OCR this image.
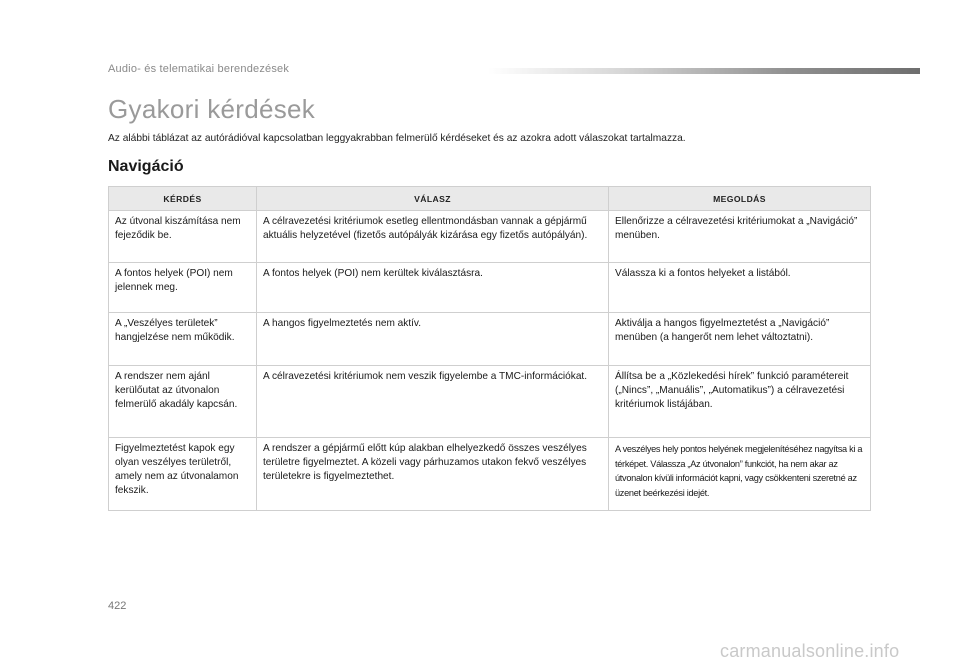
Audio- és telematikai berendezések
Gyakori kérdések
Az alábbi táblázat az autórádióval kapcsolatban leggyakrabban felmerülő kérdéseket és az azokra adott válaszokat tartalmazza.
Navigáció
KÉRDÉS	VÁLASZ	MEGOLDÁS
Az útvonal kiszámítása nem fejeződik be.	A célravezetési kritériumok esetleg ellentmondásban vannak a gépjármű aktuális helyzetével (fizetős autópályák kizárása egy fizetős autópályán).	Ellenőrizze a célravezetési kritériumokat a „Navigáció” menüben.
A fontos helyek (POI) nem jelennek meg.	A fontos helyek (POI) nem kerültek kiválasztásra.	Válassza ki a fontos helyeket a listából.
A „Veszélyes területek” hangjelzése nem működik.	A hangos figyelmeztetés nem aktív.	Aktiválja a hangos figyelmeztetést a „Navigáció” menüben (a hangerőt nem lehet változtatni).
A rendszer nem ajánl kerülőutat az útvonalon felmerülő akadály kapcsán.	A célravezetési kritériumok nem veszik figyelembe a TMC-információkat.	Állítsa be a „Közlekedési hírek” funkció paramétereit („Nincs”, „Manuális”, „Automatikus”) a célravezetési kritériumok listájában.
Figyelmeztetést kapok egy olyan veszélyes területről, amely nem az útvonalamon fekszik.	A rendszer a gépjármű előtt kúp alakban elhelyezkedő összes veszélyes területre figyelmeztet. A közeli vagy párhuzamos utakon fekvő veszélyes területekre is figyelmeztethet.	A veszélyes hely pontos helyének megjelenítéséhez nagyítsa ki a térképet. Válassza „Az útvonalon” funkciót, ha nem akar az útvonalon kívüli információt kapni, vagy csökkenteni szeretné az üzenet beérkezési idejét.
422
carmanualsonline.info
